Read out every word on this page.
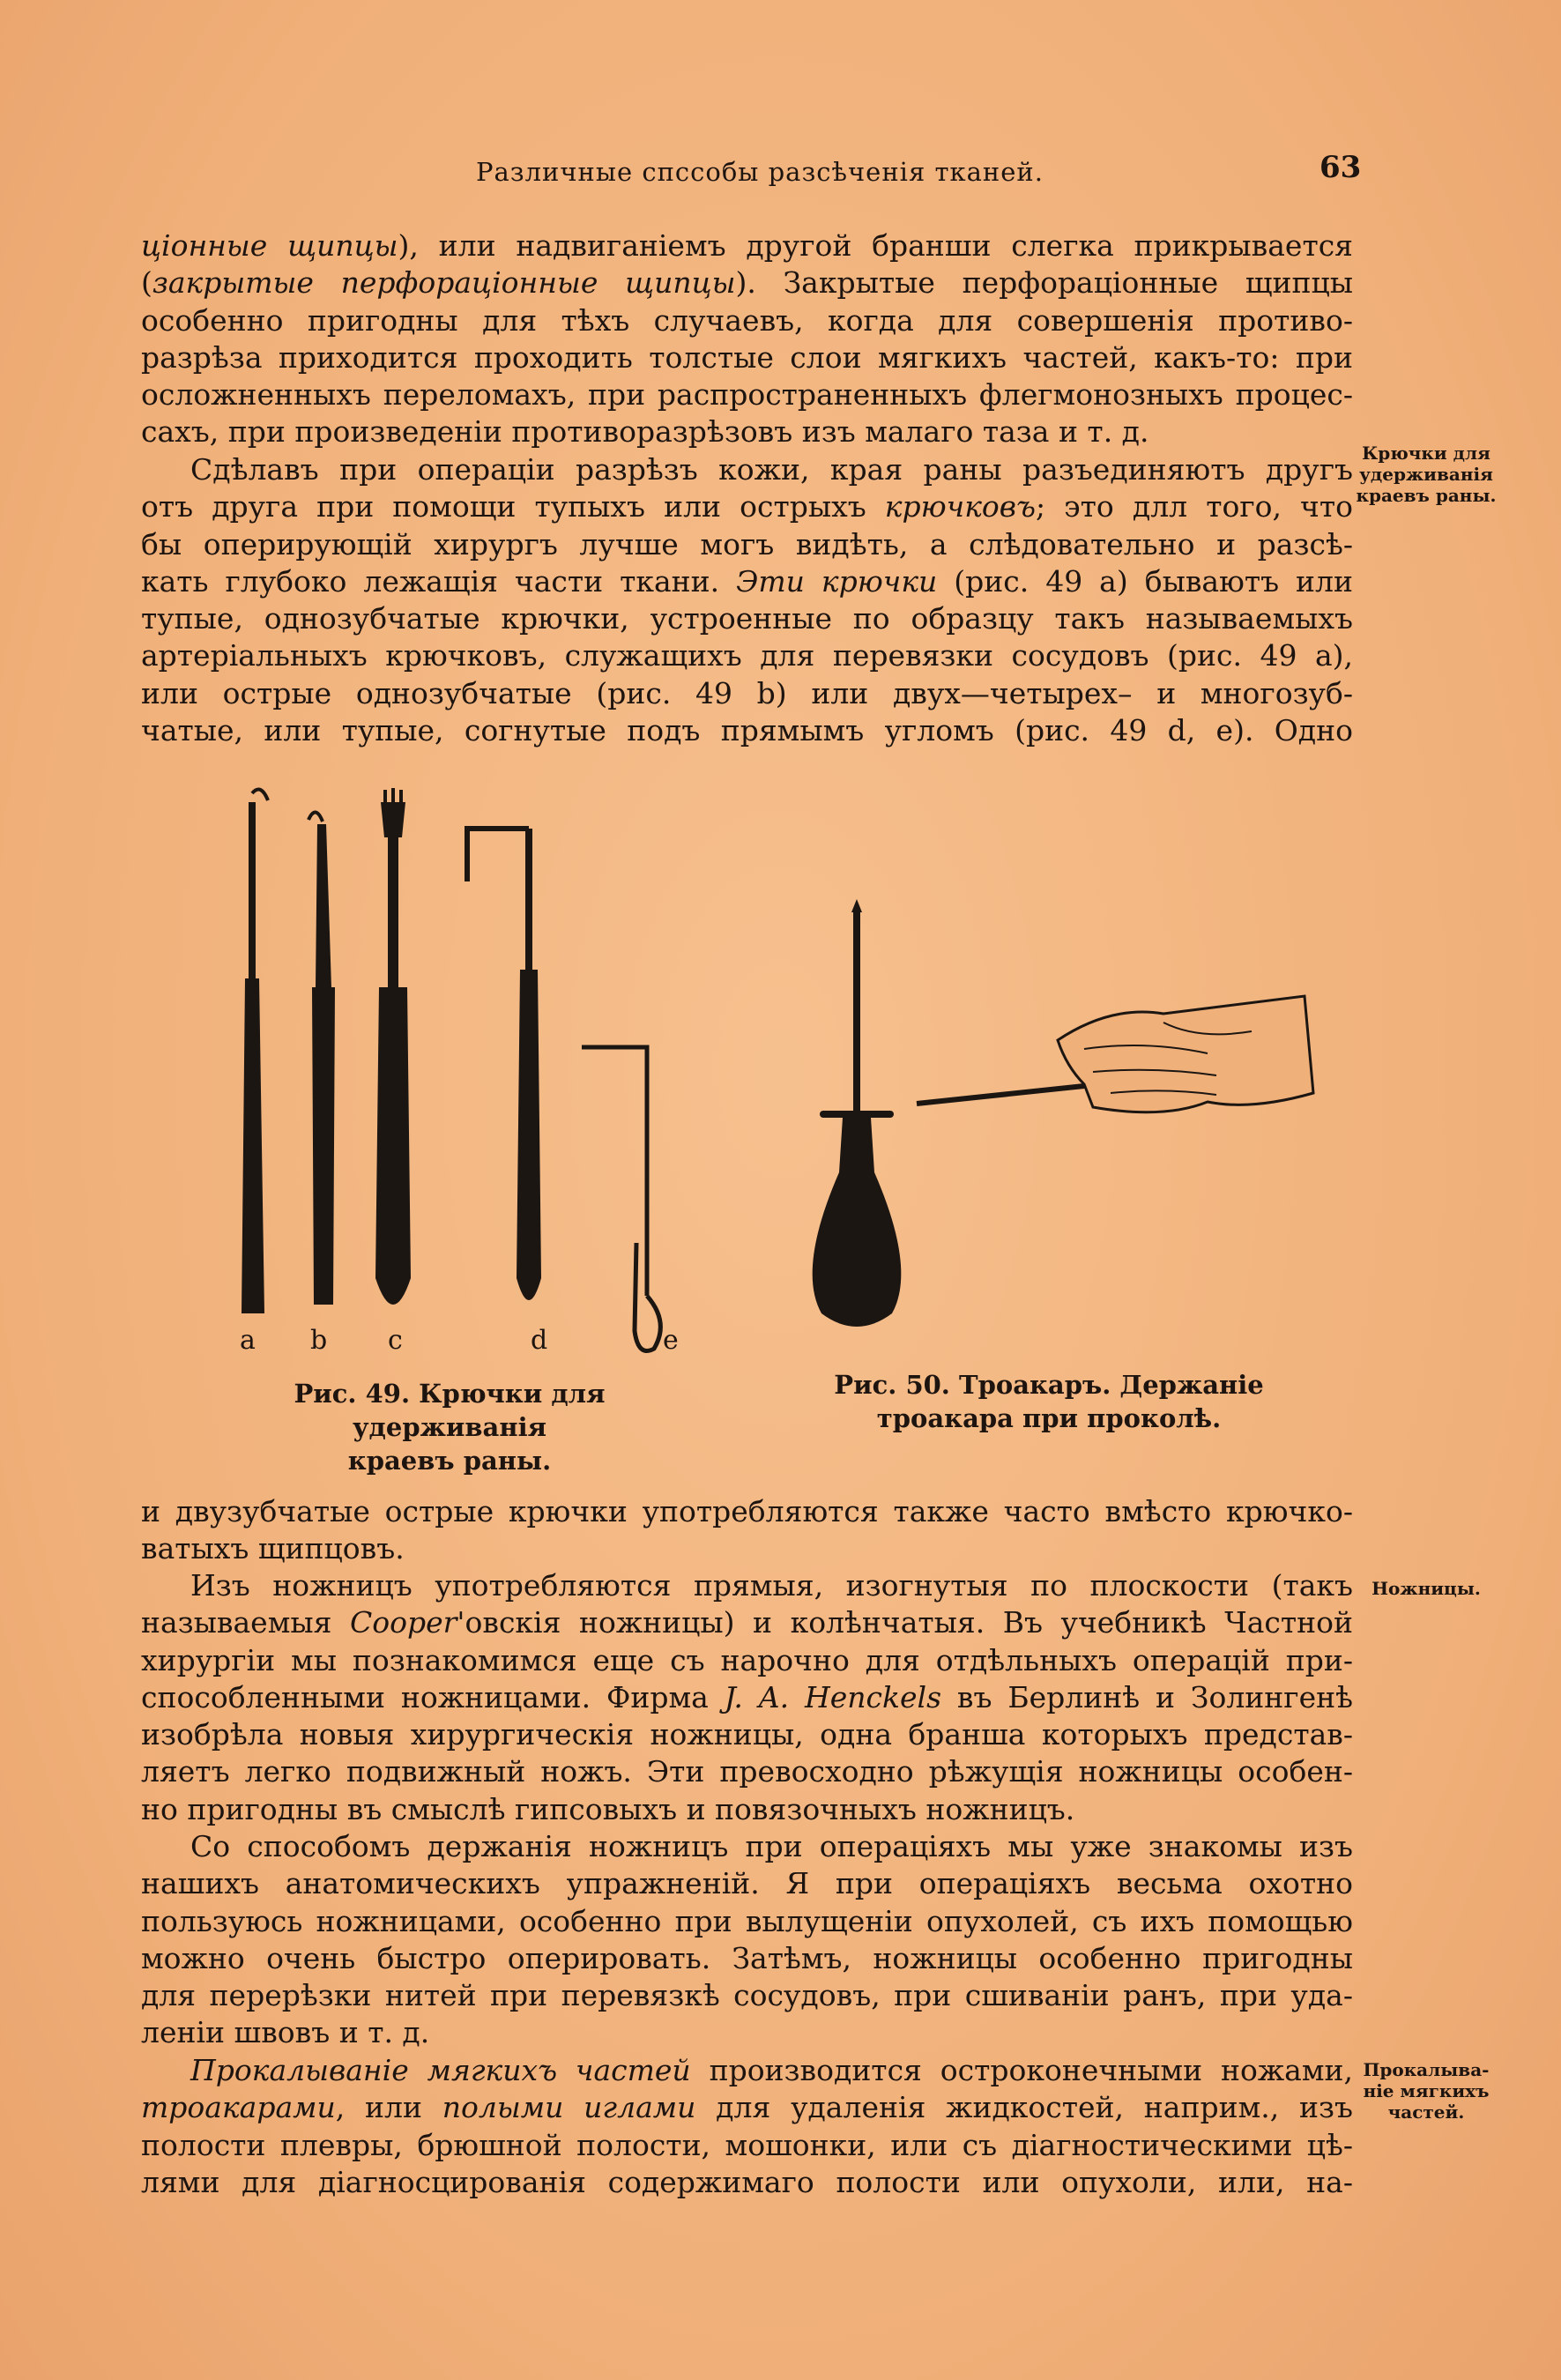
Различные спссобы разсѣченія тканей.	63

ціонные щипцы), или надвиганіемъ другой бранши слегка прикрывается

(закрытые перфораціонные щипцы). Закрытые перфораціонные щипцы

особенно пригодны для тѣхъ случаевъ, когда для совершенія противо-

разрѣза приходится проходить толстые слои мягкихъ частей, какъ-то: при

осложненныхъ переломахъ, при распространенныхъ флегмонозныхъ процес-

сахъ, при произведеніи противоразрѣзовъ изъ малаго таза и т. д.

Сдѣлавъ при операціи разрѣзъ кожи, края раны разъединяютъ другъ

отъ друга при помощи тупыхъ или острыхъ крючковъ; это длл того, что

бы оперирующій хирургъ лучше могъ видѣть, а слѣдовательно и разсѣ-

кать глубоко лежащія части ткани. Эти крючки (рис. 49 a) бываютъ или

тупые, однозубчатые крючки, устроенные по образцу такъ называемыхъ

артеріальныхъ крючковъ, служащихъ для перевязки сосудовъ (рис. 49 a),

или острые однозубчатые (рис. 49 b) или двух—четырех– и многозуб-

чатые, или тупые, согнутые подъ прямымъ угломъ (рис. 49 d, e). Одно

Крючки для
удерживанія
краевъ раны.
Ножницы.
Прокалыва-
ніе мягкихъ
частей.
a b c	d	e
Рис. 49. Крючки для удерживанія
краевъ раны.
Рис. 50. Троакаръ. Держаніе
троакара при проколѣ.

и двузубчатые острые крючки употребляются также часто вмѣсто крючко-

ватыхъ щипцовъ.

Изъ ножницъ употребляются прямыя, изогнутыя по плоскости (такъ

называемыя Cooper'овскія ножницы) и колѣнчатыя. Въ учебникѣ Частной

хирургіи мы познакомимся еще съ нарочно для отдѣльныхъ операцій при-

способленными ножницами. Фирма J. A. Henckels въ Берлинѣ и Золингенѣ

изобрѣла новыя хирургическія ножницы, одна бранша которыхъ представ-

ляетъ легко подвижный ножъ. Эти превосходно рѣжущія ножницы особен-

но пригодны въ смыслѣ гипсовыхъ и повязочныхъ ножницъ.

Со способомъ держанія ножницъ при операціяхъ мы уже знакомы изъ

нашихъ анатомическихъ упражненій. Я при операціяхъ весьма охотно

пользуюсь ножницами, особенно при вылущеніи опухолей, съ ихъ помощью

можно очень быстро оперировать. Затѣмъ, ножницы особенно пригодны

для перерѣзки нитей при перевязкѣ сосудовъ, при сшиваніи ранъ, при уда-

леніи швовъ и т. д.

Прокалываніе мягкихъ частей производится остроконечными ножами,

троакарами, или полыми иглами для удаленія жидкостей, наприм., изъ

полости плевры, брюшной полости, мошонки, или съ діагностическими цѣ-

лями для діагносцированія содержимаго полости или опухоли, или, на-
